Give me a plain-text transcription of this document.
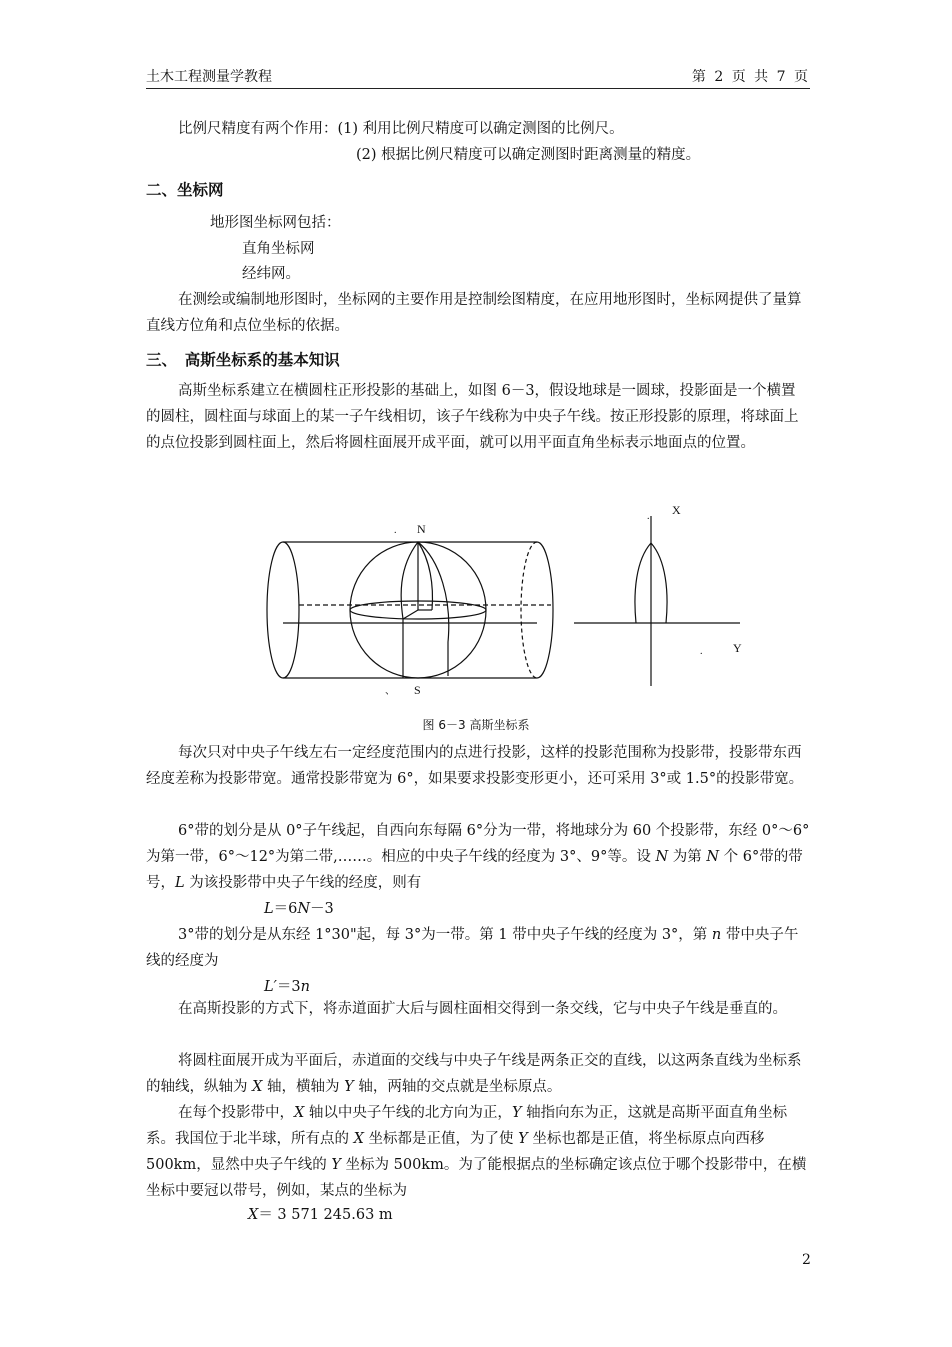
土木工程测量学教程	第 2 页 共 7 页

比例尺精度有两个作用：(1) 利用比例尺精度可以确定测图的比例尺。

(2) 根据比例尺精度可以确定测图时距离测量的精度。

二、坐标网

地形图坐标网包括：

直角坐标网

经纬网。

在测绘或编制地形图时，坐标网的主要作用是控制绘图精度，在应用地形图时，坐标网提供了量算直线方位角和点位坐标的依据。

三、　高斯坐标系的基本知识

高斯坐标系建立在横圆柱正形投影的基础上，如图 6－3，假设地球是一圆球，投影面是一个横置的圆柱，圆柱面与球面上的某一子午线相切，该子午线称为中央子午线。按正形投影的原理，将球面上的点位投影到圆柱面上，然后将圆柱面展开成平面，就可以用平面直角坐标表示地面点的位置。

. N
、 S
. X
.	Y
图 6－3 高斯坐标系

每次只对中央子午线左右一定经度范围内的点进行投影，这样的投影范围称为投影带，投影带东西经度差称为投影带宽。通常投影带宽为 6°，如果要求投影变形更小，还可采用 3°或 1.5°的投影带宽。

6°带的划分是从 0°子午线起，自西向东每隔 6°分为一带，将地球分为 60 个投影带，东经 0°～6°为第一带，6°～12°为第二带,……。相应的中央子午线的经度为 3°、9°等。设 N 为第 N 个 6°带的带号，L 为该投影带中央子午线的经度，则有

L＝6N－3

3°带的划分是从东经 1°30"起，每 3°为一带。第 1 带中央子午线的经度为 3°，第 n 带中央子午线的经度为

L′＝3n

在高斯投影的方式下，将赤道面扩大后与圆柱面相交得到一条交线，它与中央子午线是垂直的。

将圆柱面展开成为平面后，赤道面的交线与中央子午线是两条正交的直线，以这两条直线为坐标系的轴线，纵轴为 X 轴，横轴为 Y 轴，两轴的交点就是坐标原点。

在每个投影带中，X 轴以中央子午线的北方向为正，Y 轴指向东为正，这就是高斯平面直角坐标系。我国位于北半球，所有点的 X 坐标都是正值，为了使 Y 坐标也都是正值，将坐标原点向西移 500km，显然中央子午线的 Y 坐标为 500km。为了能根据点的坐标确定该点位于哪个投影带中，在横坐标中要冠以带号，例如，某点的坐标为

X＝ 3 571 245.63 m

2
